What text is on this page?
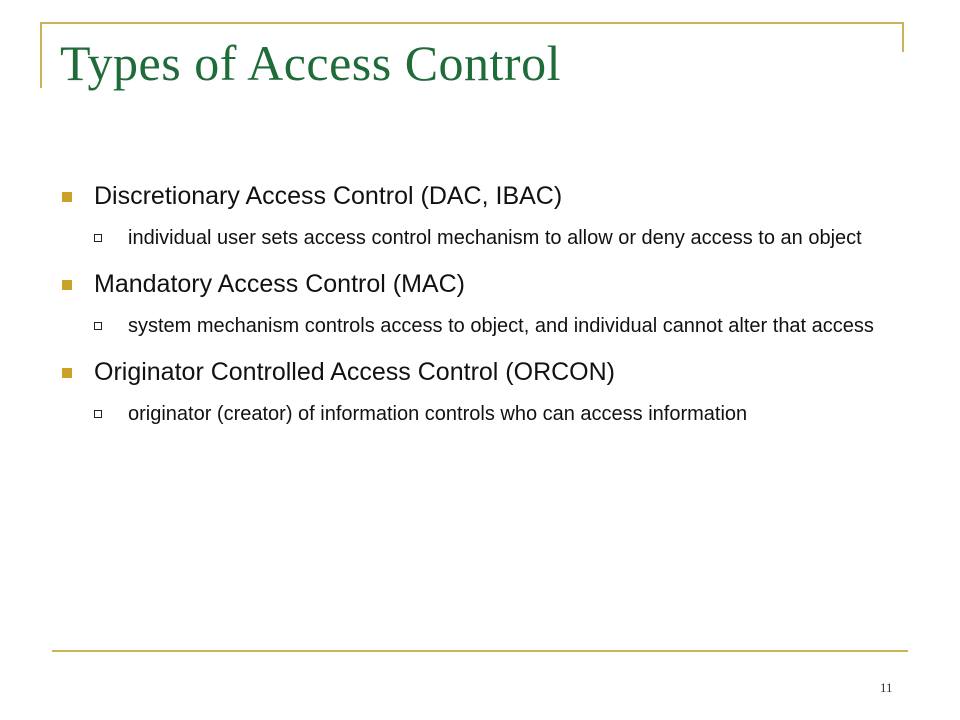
Types of Access Control
Discretionary Access Control (DAC, IBAC)
individual user sets access control mechanism to allow or deny access to an object
Mandatory Access Control (MAC)
system mechanism controls access to object, and individual cannot alter that access
Originator Controlled Access Control (ORCON)
originator (creator) of information controls who can access information
11
